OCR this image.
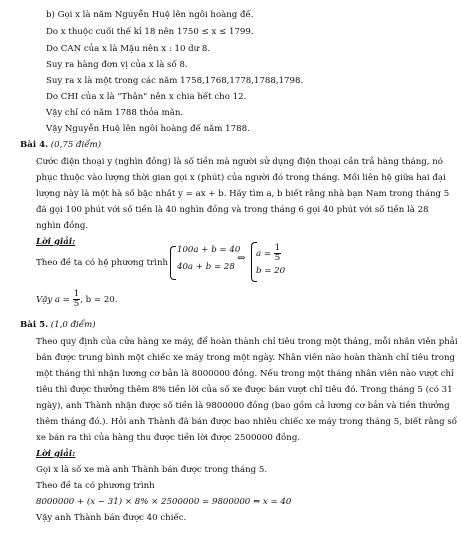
b) Gọi x là năm Nguyễn Huệ lên ngôi hoàng đế.
Do x thuộc cuối thế kỉ 18 nên 1750 ≤ x ≤ 1799.
Do CAN của x là Mậu nên x : 10 dư 8.
Suy ra hàng đơn vị của x là số 8.
Suy ra x là một trong các năm 1758,1768,1778,1788,1798.
Do CHI của x là "Thân" nên x chia hết cho 12.
Vậy chỉ có năm 1788 thỏa mãn.
Vậy Nguyễn Huệ lên ngôi hoàng đế năm 1788.
Bài 4. (0,75 điểm)
Cước điện thoại y (nghìn đồng) là số tiền mà người sử dụng điện thoại cần trả hàng tháng, nó
phục thuộc vào lượng thời gian gọi x (phút) của người đó trong tháng. Mối liên hệ giữa hai đại
lượng này là một hà số bậc nhất y = ax + b. Hãy tìm a, b biết rằng nhà bạn Nam trong tháng 5
đã gọi 100 phút với số tiền là 40 nghìn đồng và trong tháng 6 gọi 40 phút với số tiền là 28
nghìn đồng.
Lời giải:
Theo đề ta có hệ phương trình
100a + b = 40
40a + b = 28
⇔ $a = \frac{1}{5}$
b = 20
Vậy $a = \frac{1}{5}$ , b = 20.
Bài 5. (1,0 điểm)
Theo quy định của cửa hàng xe máy, để hoàn thành chỉ tiêu trong một tháng, mỗi nhân viên phải
bán được trung bình một chiếc xe máy trong một ngày. Nhân viên nào hoàn thành chỉ tiêu trong
một tháng thì nhận lương cơ bản là 8000000 đồng. Nếu trong một tháng nhân viên nào vượt chỉ
tiêu thì được thưởng thêm 8% tiền lời của số xe được bán vượt chỉ tiêu đó. Trong tháng 5 (có 31
ngày), anh Thành nhận được số tiền là 9800000 đồng (bao gồm cả lương cơ bản và tiền thưởng
thêm tháng đó.). Hỏi anh Thành đã bán được bao nhiêu chiếc xe máy trong tháng 5, biết rằng số
xe bán ra thì của hàng thu được tiền lời được 2500000 đồng.
Lời giải:
Gọi x là số xe mà anh Thành bán được trong tháng 5.
Theo đề ta có phương trình
8000000 + (x − 31) × 8% × 2500000 = 9800000 ⇔ x = 40
Vậy anh Thành bán được 40 chiếc.
